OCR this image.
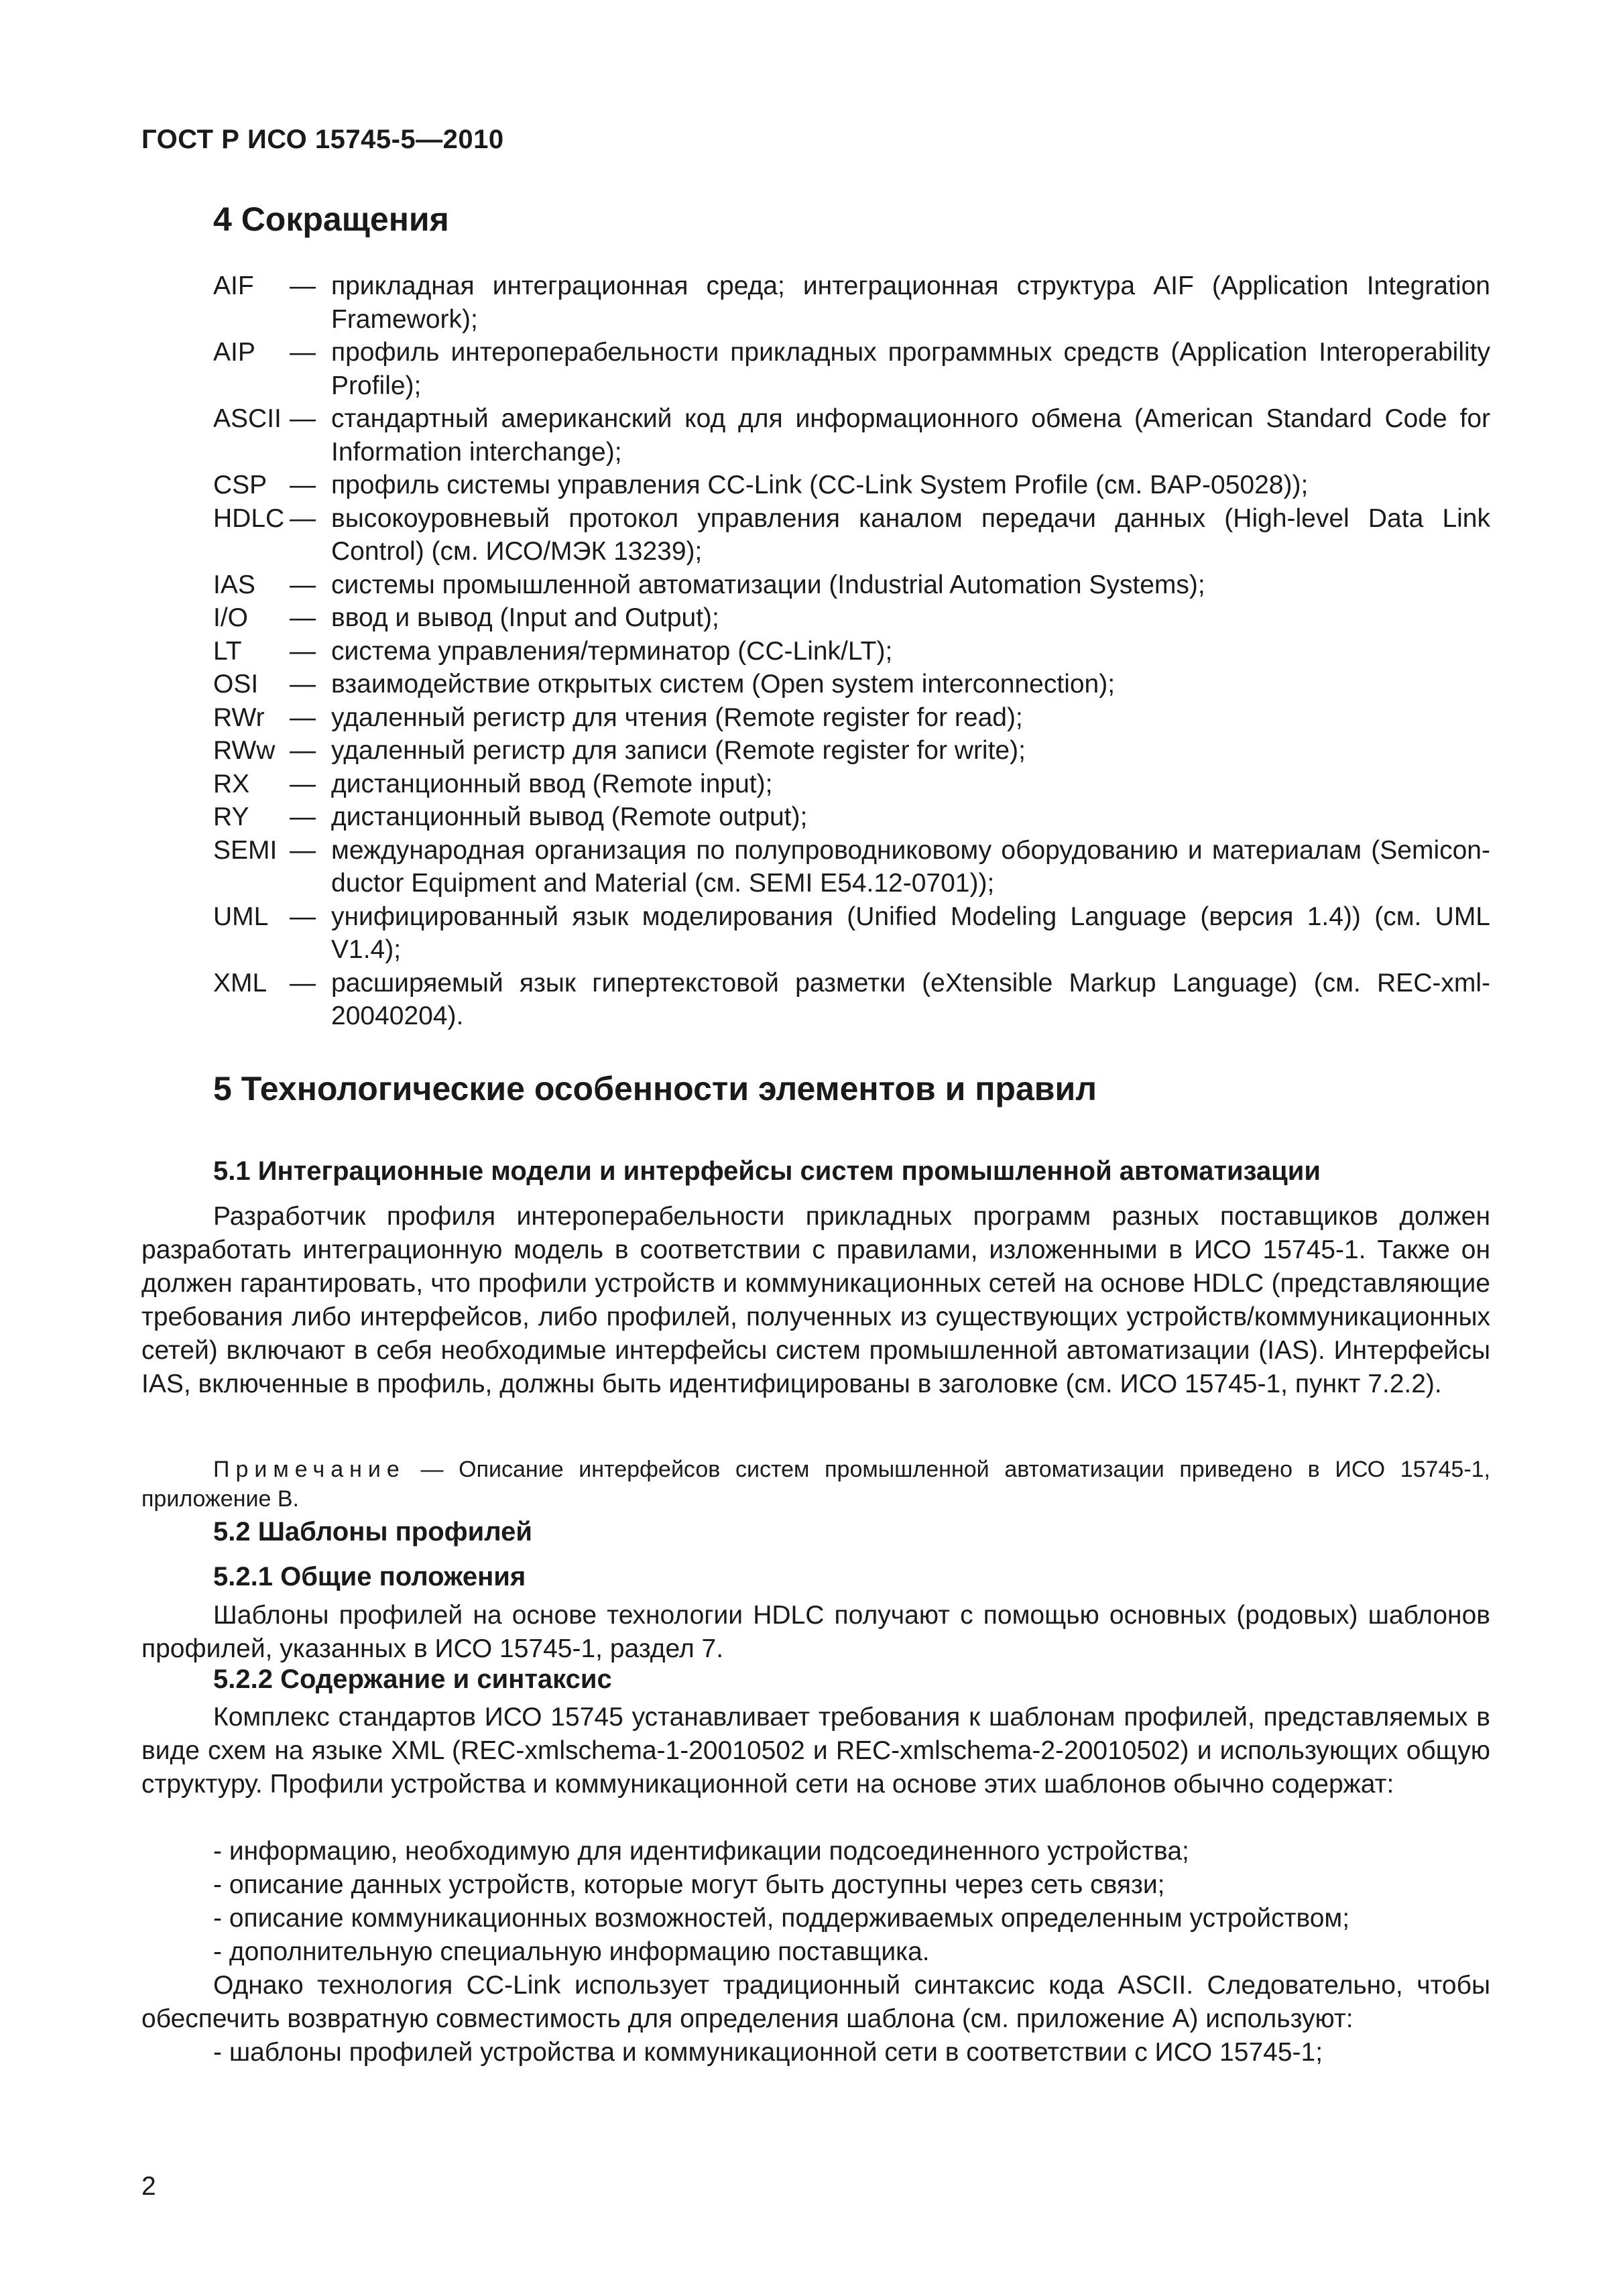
ГОСТ Р ИСО 15745-5—2010
4 Сокращения
AIF	— прикладная интеграционная среда; интеграционная структура AIF (Application Integration Framework);
AIP	— профиль интероперабельности прикладных программных средств (Application Interoperability Profile);
ASCII — стандартный американский код для информационного обмена (American Standard Code for Information interchange);
CSP — профиль системы управления CC-Link (CC-Link System Profile (см. BAP-05028));
HDLC — высокоуровневый протокол управления каналом передачи данных (High-level Data Link Control) (см. ИСО/МЭК 13239);
IAS	— системы промышленной автоматизации (Industrial Automation Systems);
I/O	— ввод и вывод (Input and Output);
LT	— система управления/терминатор (CC-Link/LT);
OSI	— взаимодействие открытых систем (Open system interconnection);
RWr — удаленный регистр для чтения (Remote register for read);
RWw — удаленный регистр для записи (Remote register for write);
RX	— дистанционный ввод (Remote input);
RY	— дистанционный вывод (Remote output);
SEMI — международная организация по полупроводниковому оборудованию и материалам (Semicon-ductor Equipment and Material (см. SEMI E54.12-0701));
UML — унифицированный язык моделирования (Unified Modeling Language (версия 1.4)) (см. UML V1.4);
XML — расширяемый язык гипертекстовой разметки (eXtensible Markup Language) (см. REC-xml-20040204).
5 Технологические особенности элементов и правил
5.1 Интеграционные модели и интерфейсы систем промышленной автоматизации

Разработчик профиля интероперабельности прикладных программ разных поставщиков должен разработать интеграционную модель в соответствии с правилами, изложенными в ИСО 15745-1. Также он должен гарантировать, что профили устройств и коммуникационных сетей на основе HDLC (представляющие требования либо интерфейсов, либо профилей, полученных из существующих устройств/коммуникационных сетей) включают в себя необходимые интерфейсы систем промышленной автоматизации (IAS). Интерфейсы IAS, включенные в профиль, должны быть идентифицированы в заголовке (см. ИСО 15745-1, пункт 7.2.2).

Примечание — Описание интерфейсов систем промышленной автоматизации приведено в ИСО 15745-1, приложение В.

5.2 Шаблоны профилей
5.2.1 Общие положения

Шаблоны профилей на основе технологии HDLC получают с помощью основных (родовых) шаблонов профилей, указанных в ИСО 15745-1, раздел 7.

5.2.2 Содержание и синтаксис

Комплекс стандартов ИСО 15745 устанавливает требования к шаблонам профилей, представляемых в виде схем на языке XML (REC-xmlschema-1-20010502 и REC-xmlschema-2-20010502) и использующих общую структуру. Профили устройства и коммуникационной сети на основе этих шаблонов обычно содержат:

- информацию, необходимую для идентификации подсоединенного устройства;
- описание данных устройств, которые могут быть доступны через сеть связи;
- описание коммуникационных возможностей, поддерживаемых определенным устройством;
- дополнительную специальную информацию поставщика.

Однако технология CC-Link использует традиционный синтаксис кода ASCII. Следовательно, чтобы обеспечить возвратную совместимость для определения шаблона (см. приложение А) используют:

- шаблоны профилей устройства и коммуникационной сети в соответствии с ИСО 15745-1;
2
